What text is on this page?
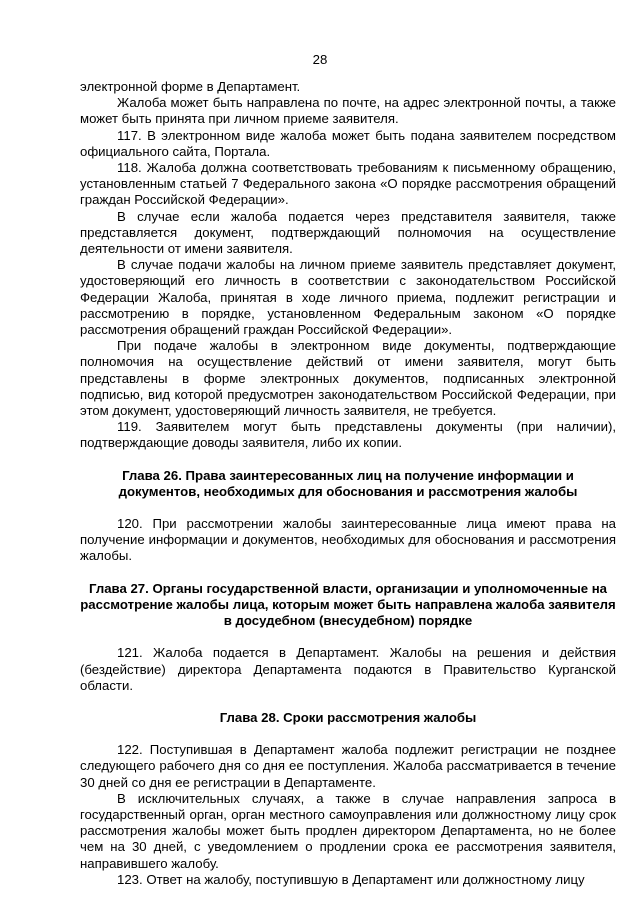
28

электронной форме в Департамент.

Жалоба может быть направлена по почте, на адрес электронной почты, а также может быть принята при личном приеме заявителя.

117. В электронном виде жалоба может быть подана заявителем посредством официального сайта, Портала.

118. Жалоба должна соответствовать требованиям к письменному обращению, установленным статьей 7 Федерального закона «О порядке рассмотрения обращений граждан Российской Федерации».

В случае если жалоба подается через представителя заявителя, также представляется документ, подтверждающий полномочия на осуществление деятельности от имени заявителя.

В случае подачи жалобы на личном приеме заявитель представляет документ, удостоверяющий его личность в соответствии с законодательством Российской Федерации Жалоба, принятая в ходе личного приема, подлежит регистрации и рассмотрению в порядке, установленном Федеральным законом «О порядке рассмотрения обращений граждан Российской Федерации».

При подаче жалобы в электронном виде документы, подтверждающие полномочия на осуществление действий от имени заявителя, могут быть представлены в форме электронных документов, подписанных электронной подписью, вид которой предусмотрен законодательством Российской Федерации, при этом документ, удостоверяющий личность заявителя, не требуется.

119. Заявителем могут быть представлены документы (при наличии), подтверждающие доводы заявителя, либо их копии.

Глава 26. Права заинтересованных лиц на получение информации и документов, необходимых для обоснования и рассмотрения жалобы

120. При рассмотрении жалобы заинтересованные лица имеют права на получение информации и документов, необходимых для обоснования и рассмотрения жалобы.

Глава 27. Органы государственной власти, организации и уполномоченные на рассмотрение жалобы лица, которым может быть направлена жалоба заявителя в досудебном (внесудебном) порядке

121. Жалоба подается в Департамент. Жалобы на решения и действия (бездействие) директора Департамента подаются в Правительство Курганской области.

Глава 28. Сроки рассмотрения жалобы

122. Поступившая в Департамент жалоба подлежит регистрации не позднее следующего рабочего дня со дня ее поступления. Жалоба рассматривается в течение 30 дней со дня ее регистрации в Департаменте.

В исключительных случаях, а также в случае направления запроса в государственный орган, орган местного самоуправления или должностному лицу срок рассмотрения жалобы может быть продлен директором Департамента, но не более чем на 30 дней, с уведомлением о продлении срока ее рассмотрения заявителя, направившего жалобу.

123. Ответ на жалобу, поступившую в Департамент или должностному лицу
